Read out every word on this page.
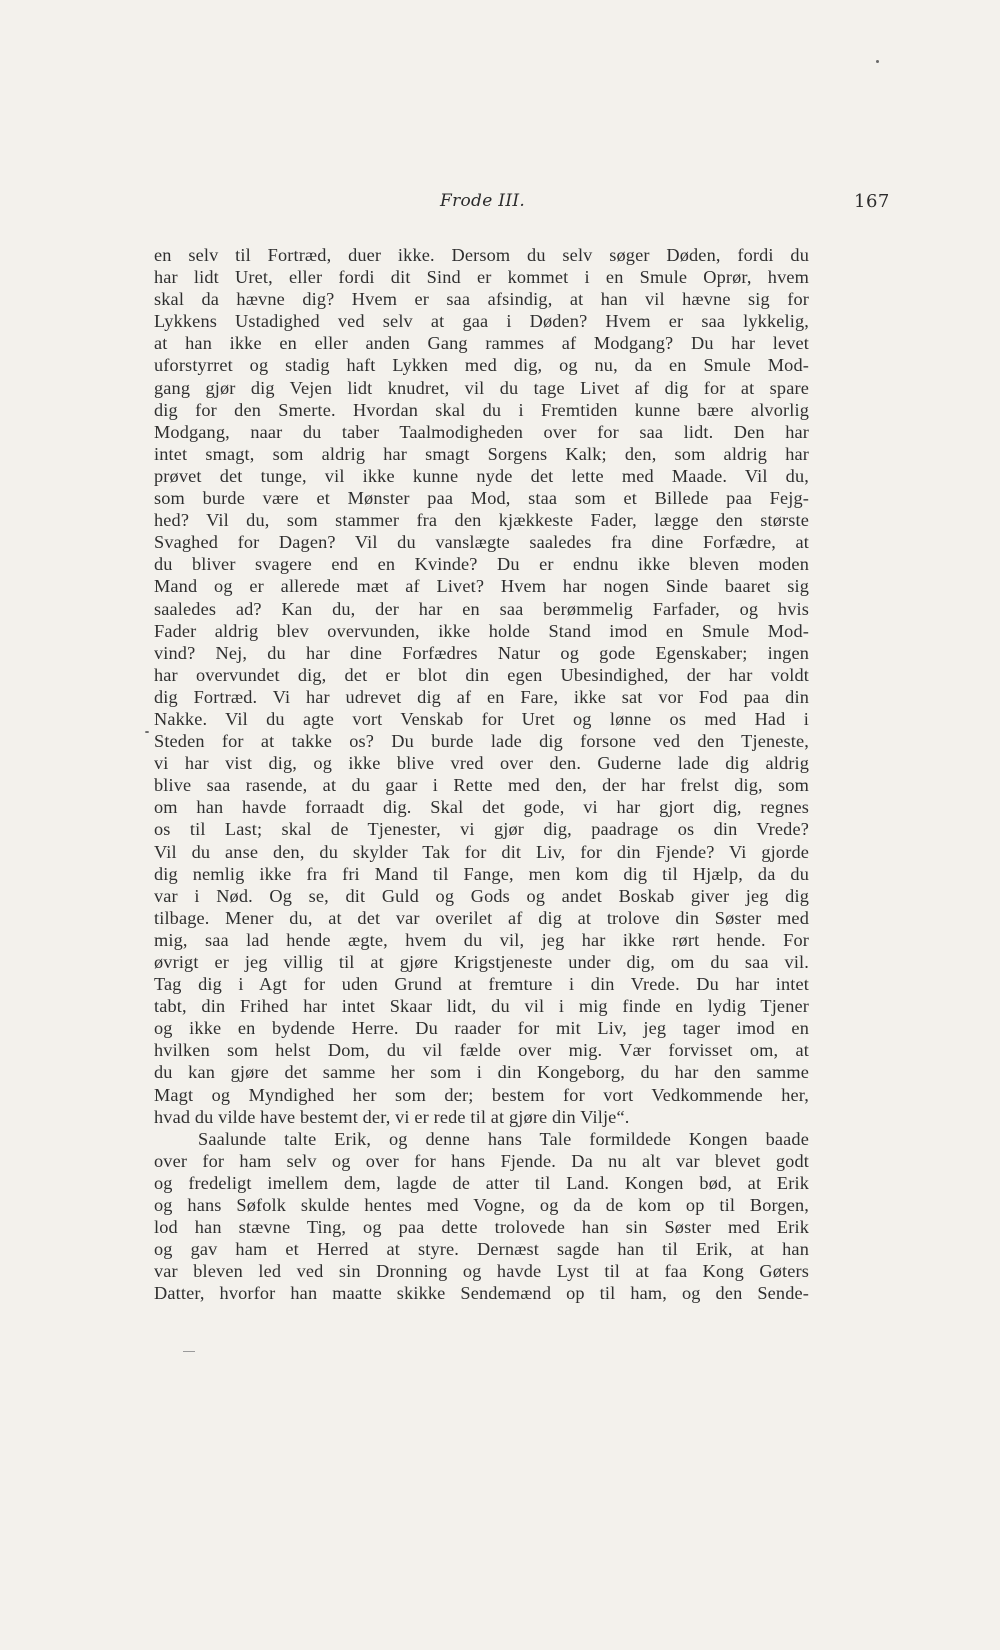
Frode III.	167
en selv til Fortræd, duer ikke. Dersom du selv søger Døden, fordi du
har lidt Uret, eller fordi dit Sind er kommet i en Smule Oprør, hvem
skal da hævne dig? Hvem er saa afsindig, at han vil hævne sig for
Lykkens Ustadighed ved selv at gaa i Døden? Hvem er saa lykkelig,
at han ikke en eller anden Gang rammes af Modgang? Du har levet
uforstyrret og stadig haft Lykken med dig, og nu, da en Smule Mod-
gang gjør dig Vejen lidt knudret, vil du tage Livet af dig for at spare
dig for den Smerte. Hvordan skal du i Fremtiden kunne bære alvorlig
Modgang, naar du taber Taalmodigheden over for saa lidt. Den har
intet smagt, som aldrig har smagt Sorgens Kalk; den, som aldrig har
prøvet det tunge, vil ikke kunne nyde det lette med Maade. Vil du,
som burde være et Mønster paa Mod, staa som et Billede paa Fejg-
hed? Vil du, som stammer fra den kjækkeste Fader, lægge den største
Svaghed for Dagen? Vil du vanslægte saaledes fra dine Forfædre, at
du bliver svagere end en Kvinde? Du er endnu ikke bleven moden
Mand og er allerede mæt af Livet? Hvem har nogen Sinde baaret sig
saaledes ad? Kan du, der har en saa berømmelig Farfader, og hvis
Fader aldrig blev overvunden, ikke holde Stand imod en Smule Mod-
vind? Nej, du har dine Forfædres Natur og gode Egenskaber; ingen
har overvundet dig, det er blot din egen Ubesindighed, der har voldt
dig Fortræd. Vi har udrevet dig af en Fare, ikke sat vor Fod paa din
Nakke. Vil du agte vort Venskab for Uret og lønne os med Had i
Steden for at takke os? Du burde lade dig forsone ved den Tjeneste,
vi har vist dig, og ikke blive vred over den. Guderne lade dig aldrig
blive saa rasende, at du gaar i Rette med den, der har frelst dig, som
om han havde forraadt dig. Skal det gode, vi har gjort dig, regnes
os til Last; skal de Tjenester, vi gjør dig, paadrage os din Vrede?
Vil du anse den, du skylder Tak for dit Liv, for din Fjende? Vi gjorde
dig nemlig ikke fra fri Mand til Fange, men kom dig til Hjælp, da du
var i Nød. Og se, dit Guld og Gods og andet Boskab giver jeg dig
tilbage. Mener du, at det var overilet af dig at trolove din Søster med
mig, saa lad hende ægte, hvem du vil, jeg har ikke rørt hende. For
øvrigt er jeg villig til at gjøre Krigstjeneste under dig, om du saa vil.
Tag dig i Agt for uden Grund at fremture i din Vrede. Du har intet
tabt, din Frihed har intet Skaar lidt, du vil i mig finde en lydig Tjener
og ikke en bydende Herre. Du raader for mit Liv, jeg tager imod en
hvilken som helst Dom, du vil fælde over mig. Vær forvisset om, at
du kan gjøre det samme her som i din Kongeborg, du har den samme
Magt og Myndighed her som der; bestem for vort Vedkommende her,
hvad du vilde have bestemt der, vi er rede til at gjøre din Vilje“.
Saalunde talte Erik, og denne hans Tale formildede Kongen baade
over for ham selv og over for hans Fjende. Da nu alt var blevet godt
og fredeligt imellem dem, lagde de atter til Land. Kongen bød, at Erik
og hans Søfolk skulde hentes med Vogne, og da de kom op til Borgen,
lod han stævne Ting, og paa dette trolovede han sin Søster med Erik
og gav ham et Herred at styre. Dernæst sagde han til Erik, at han
var bleven led ved sin Dronning og havde Lyst til at faa Kong Gøters
Datter, hvorfor han maatte skikke Sendemænd op til ham, og den Sende-
